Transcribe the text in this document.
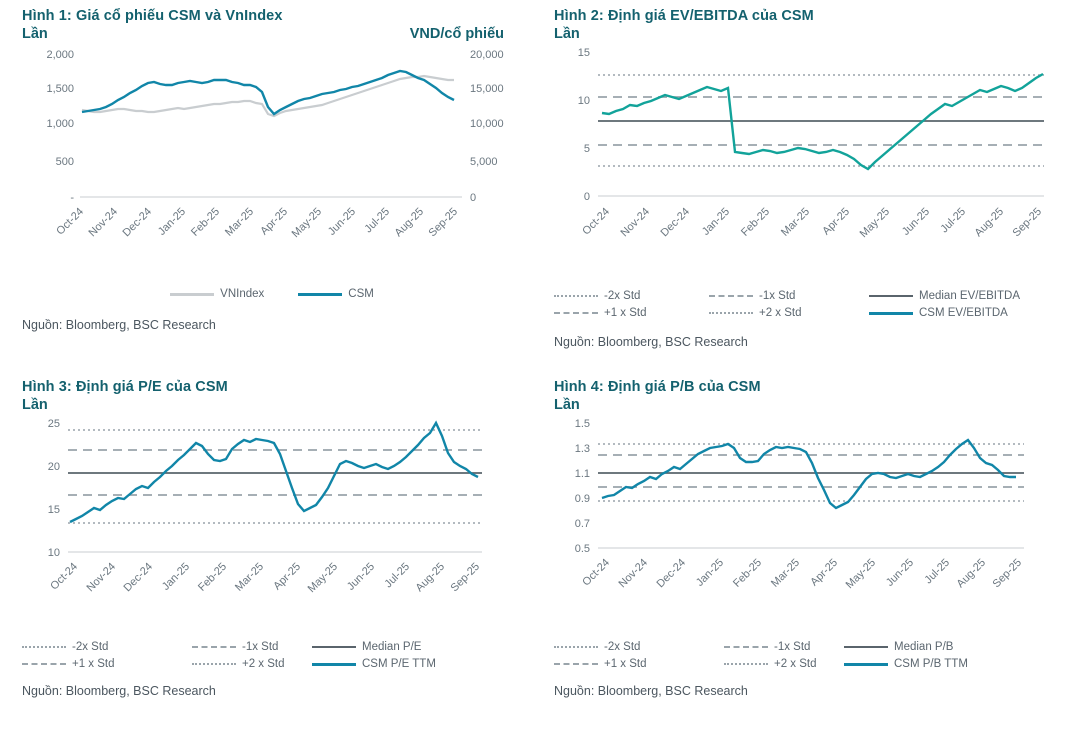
Hình 1: Giá cổ phiếu CSM và VnIndex
Lần	VND/cổ phiếu
2,000
1,500
1,000
500
-
20,000
15,000
10,000
5,000
0
Oct-24 Nov-24 Dec-24 Jan-25 Feb-25 Mar-25 Apr-25 May-25 Jun-25 Jul-25 Aug-25 Sep-25
VNIndex	CSM
Nguồn: Bloomberg, BSC Research
Hình 2: Định giá EV/EBITDA của CSM
Lần
15
10
5
0
Oct-24 Nov-24 Dec-24 Jan-25 Feb-25 Mar-25 Apr-25 May-25 Jun-25 Jul-25 Aug-25 Sep-25
-2x Std	-1x Std	Median EV/EBITDA
+1 x Std	+2 x Std	CSM EV/EBITDA
Nguồn: Bloomberg, BSC Research
Hình 3: Định giá P/E của CSM
Lần
25
20
15
10
Oct-24 Nov-24 Dec-24 Jan-25 Feb-25 Mar-25 Apr-25 May-25 Jun-25 Jul-25 Aug-25 Sep-25
-2x Std	-1x Std	Median P/E
+1 x Std	+2 x Std	CSM P/E TTM
Nguồn: Bloomberg, BSC Research
Hình 4: Định giá P/B của CSM
Lần
1.5
1.3
1.1
0.9
0.7
0.5
Oct-24 Nov-24 Dec-24 Jan-25 Feb-25 Mar-25 Apr-25 May-25 Jun-25 Jul-25 Aug-25 Sep-25
-2x Std	-1x Std	Median P/B
+1 x Std	+2 x Std	CSM P/B TTM
Nguồn: Bloomberg, BSC Research
